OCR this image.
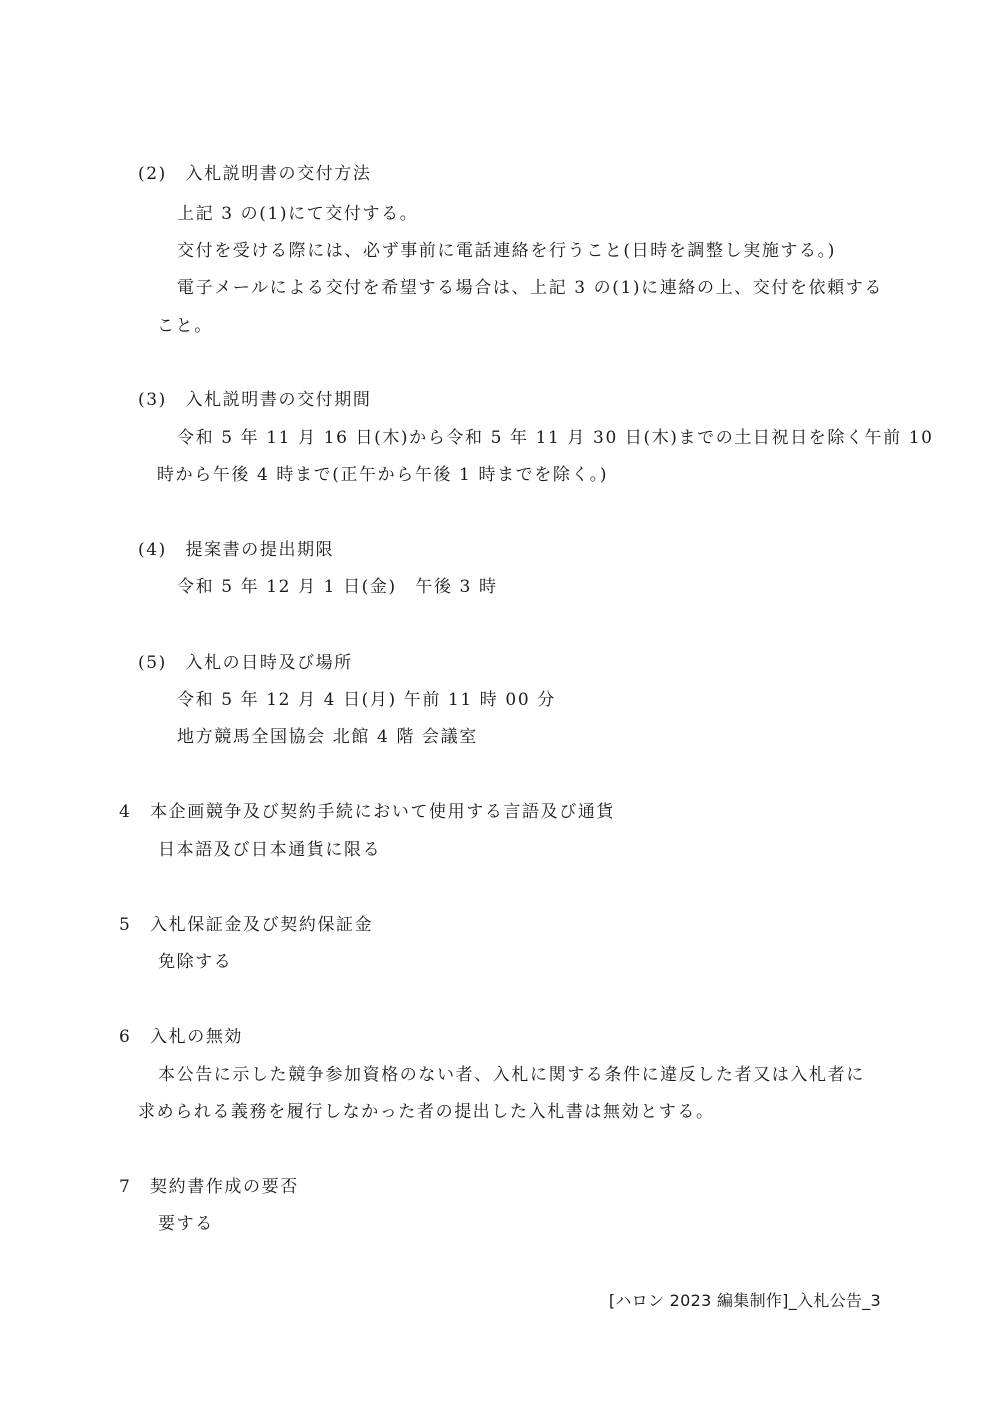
(2)　入札説明書の交付方法
上記 3 の(1)にて交付する。
交付を受ける際には、必ず事前に電話連絡を行うこと(日時を調整し実施する。)
電子メールによる交付を希望する場合は、上記 3 の(1)に連絡の上、交付を依頼する
こと。
(3)　入札説明書の交付期間
令和 5 年 11 月 16 日(木)から令和 5 年 11 月 30 日(木)までの土日祝日を除く午前 10
時から午後 4 時まで(正午から午後 1 時までを除く。)
(4)　提案書の提出期限
令和 5 年 12 月 1 日(金)　午後 3 時
(5)　入札の日時及び場所
令和 5 年 12 月 4 日(月) 午前 11 時 00 分
地方競馬全国協会 北館 4 階 会議室
4　本企画競争及び契約手続において使用する言語及び通貨
日本語及び日本通貨に限る
5　入札保証金及び契約保証金
免除する
6　入札の無効
本公告に示した競争参加資格のない者、入札に関する条件に違反した者又は入札者に
求められる義務を履行しなかった者の提出した入札書は無効とする。
7　契約書作成の要否
要する
[ハロン 2023 編集制作]_入札公告_3
